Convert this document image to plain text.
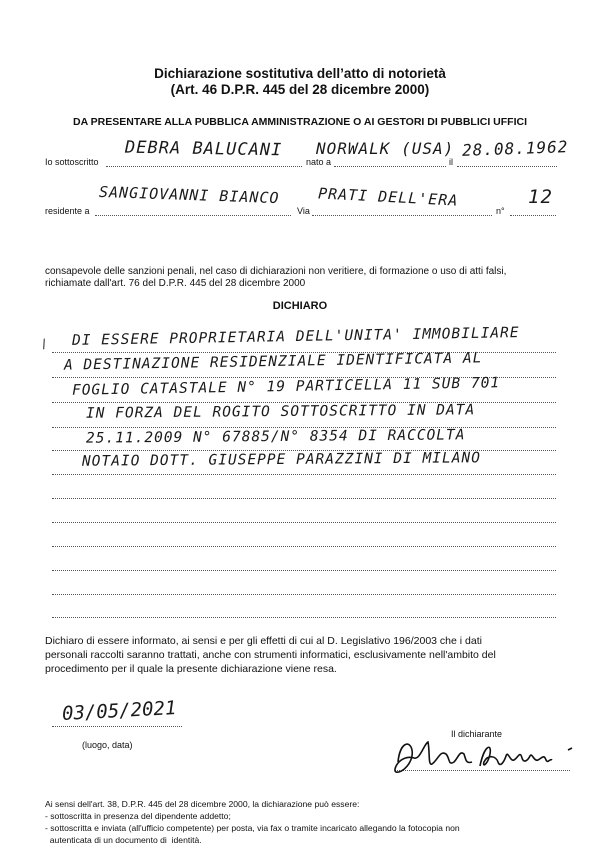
Dichiarazione sostitutiva dell’atto di notorietà
(Art. 46 D.P.R. 445 del 28 dicembre 2000)
DA PRESENTARE ALLA PUBBLICA AMMINISTRAZIONE O AI GESTORI DI PUBBLICI UFFICI
Io sottoscritto
DEBRA BALUCANI
nato a
NORWALK (USA)
il
28.08.1962
residente a
SANGIOVANNI BIANCO
Via
PRATI DELL'ERA
n°
12
consapevole delle sanzioni penali, nel caso di dichiarazioni non veritiere, di formazione o uso di atti falsi,
richiamate dall'art. 76 del D.P.R. 445 del 28 dicembre 2000
DICHIARO
/ DI ESSERE PROPRIETARIA DELL'UNITA' IMMOBILIARE
A DESTINAZIONE RESIDENZIALE IDENTIFICATA AL
FOGLIO CATASTALE N° 19 PARTICELLA 11 SUB 701
IN FORZA DEL ROGITO SOTTOSCRITTO IN DATA
25.11.2009 N° 67885/N° 8354 DI RACCOLTA
NOTAIO DOTT. GIUSEPPE PARAZZINI DI MILANO
Dichiaro di essere informato, ai sensi e per gli effetti di cui al D. Legislativo 196/2003 che i dati
personali raccolti saranno trattati, anche con strumenti informatici, esclusivamente nell'ambito del
procedimento per il quale la presente dichiarazione viene resa.
03/05/2021
(luogo, data)
Il dichiarante
Ai sensi dell'art. 38, D.P.R. 445 del 28 dicembre 2000, la dichiarazione può essere:
- sottoscritta in presenza del dipendente addetto;
- sottoscritta e inviata (all'ufficio competente) per posta, via fax o tramite incaricato allegando la fotocopia non
autenticata di un documento di  identità.
